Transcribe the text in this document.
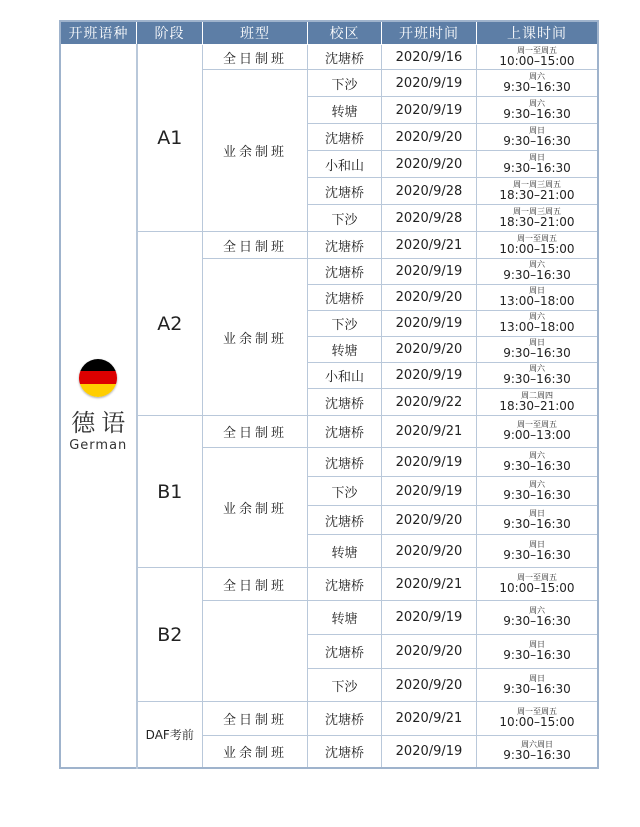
开班语种	阶段	班型	校区	开班时间	上课时间

德语
German	A1	全日制班	沈塘桥	2020/9/16	周一至周五
10:00–15:00

		业余制班	下沙	2020/9/19	周六
9:30–16:30

			转塘	2020/9/19	周六
9:30–16:30

			沈塘桥	2020/9/20	周日
9:30–16:30

			小和山	2020/9/20	周日
9:30–16:30

			沈塘桥	2020/9/28	周一周三周五
18:30–21:00

			下沙	2020/9/28	周一周三周五
18:30–21:00

	A2	全日制班	沈塘桥	2020/9/21	周一至周五
10:00–15:00

		业余制班	沈塘桥	2020/9/19	周六
9:30–16:30

			沈塘桥	2020/9/20	周日
13:00–18:00

			下沙	2020/9/19	周六
13:00–18:00

			转塘	2020/9/20	周日
9:30–16:30

			小和山	2020/9/19	周六
9:30–16:30

			沈塘桥	2020/9/22	周二周四
18:30–21:00

	B1	全日制班	沈塘桥	2020/9/21	周一至周五
9:00–13:00

		业余制班	沈塘桥	2020/9/19	周六
9:30–16:30

			下沙	2020/9/19	周六
9:30–16:30

			沈塘桥	2020/9/20	周日
9:30–16:30

			转塘	2020/9/20	周日
9:30–16:30

	B2	全日制班	沈塘桥	2020/9/21	周一至周五
10:00–15:00

			转塘	2020/9/19	周六
9:30–16:30

			沈塘桥	2020/9/20	周日
9:30–16:30

			下沙	2020/9/20	周日
9:30–16:30

	DAF考前	全日制班	沈塘桥	2020/9/21	周一至周五
10:00–15:00

		业余制班	沈塘桥	2020/9/19	周六周日
9:30–16:30
